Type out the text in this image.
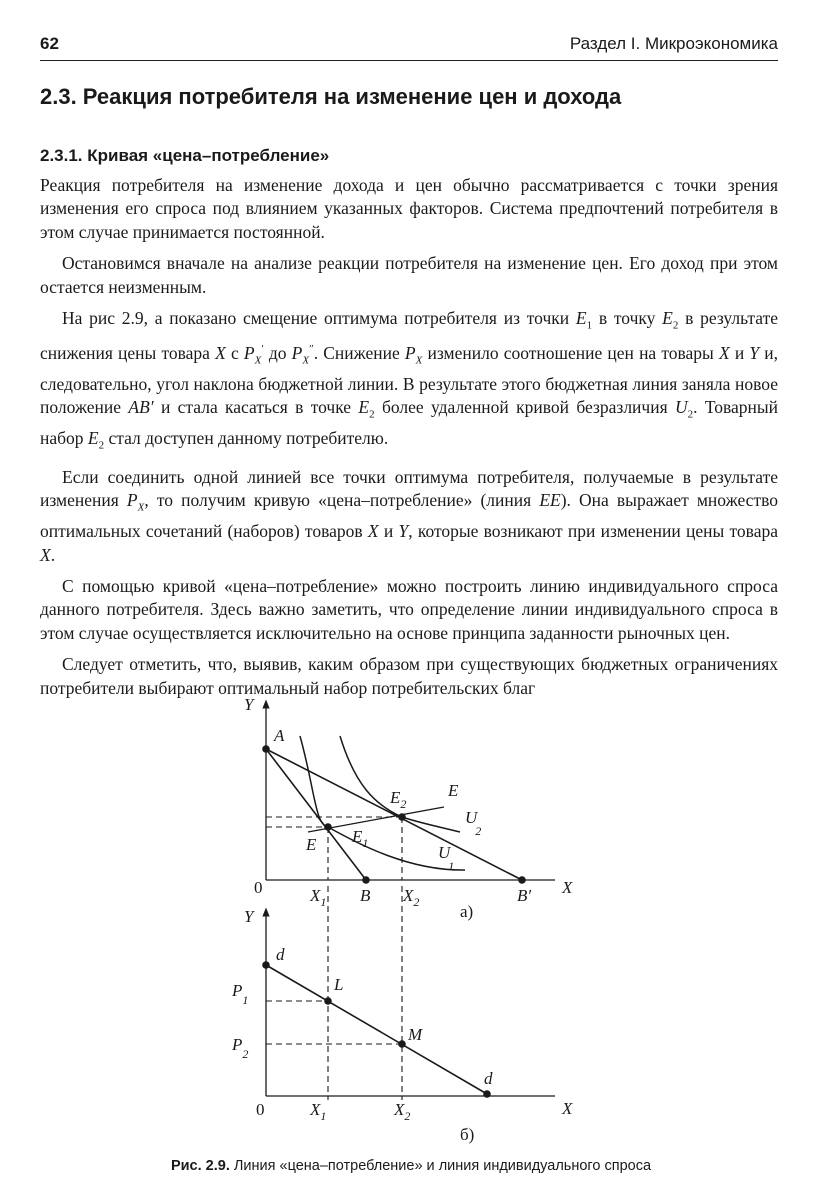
62	Раздел I. Микроэкономика
2.3. Реакция потребителя на изменение цен и дохода
2.3.1. Кривая «цена–потребление»

Реакция потребителя на изменение дохода и цен обычно рассматривается с точки зрения изменения его спроса под влиянием указанных факторов. Система предпочтений потребителя в этом случае принимается постоянной.

Остановимся вначале на анализе реакции потребителя на изменение цен. Его доход при этом остается неизменным.

На рис 2.9, а показано смещение оптимума потребителя из точки $E_1$ в точку $E_2$ в результате снижения цены товара X с $P_X'$ до $P_X''$. Снижение $P_X$ изменило соотношение цен на товары X и Y и, следовательно, угол наклона бюджетной линии. В результате этого бюджетная линия заняла новое положение AB′ и стала касаться в точке $E_2$ более удаленной кривой безразличия $U_2$. Товарный набор $E_2$ стал доступен данному потребителю.

Если соединить одной линией все точки оптимума потребителя, получаемые в результате изменения $P_X$, то получим кривую «цена–потребление» (линия EE). Она выражает множество оптимальных сочетаний (наборов) товаров X и Y, которые возникают при изменении цены товара X.

С помощью кривой «цена–потребление» можно построить линию индивидуального спроса данного потребителя. Здесь важно заметить, что определение линии индивидуального спроса в этом случае осуществляется исключительно на основе принципа заданности рыночных цен.

Следует отметить, что, выявив, каким образом при существующих бюджетных ограничениях потребители выбирают оптимальный набор потребительских благ

Y
X
0
A
B	B′
E
$E_2$
$E_1$
U 2
U 1
E
$X_1$	$X_2$ а)
Y
X
0
d
d
L
M
$P_1$
$P_2$
$X_1$	$X_2$
б)
Рис. 2.9. Линия «цена–потребление» и линия индивидуального спроса
